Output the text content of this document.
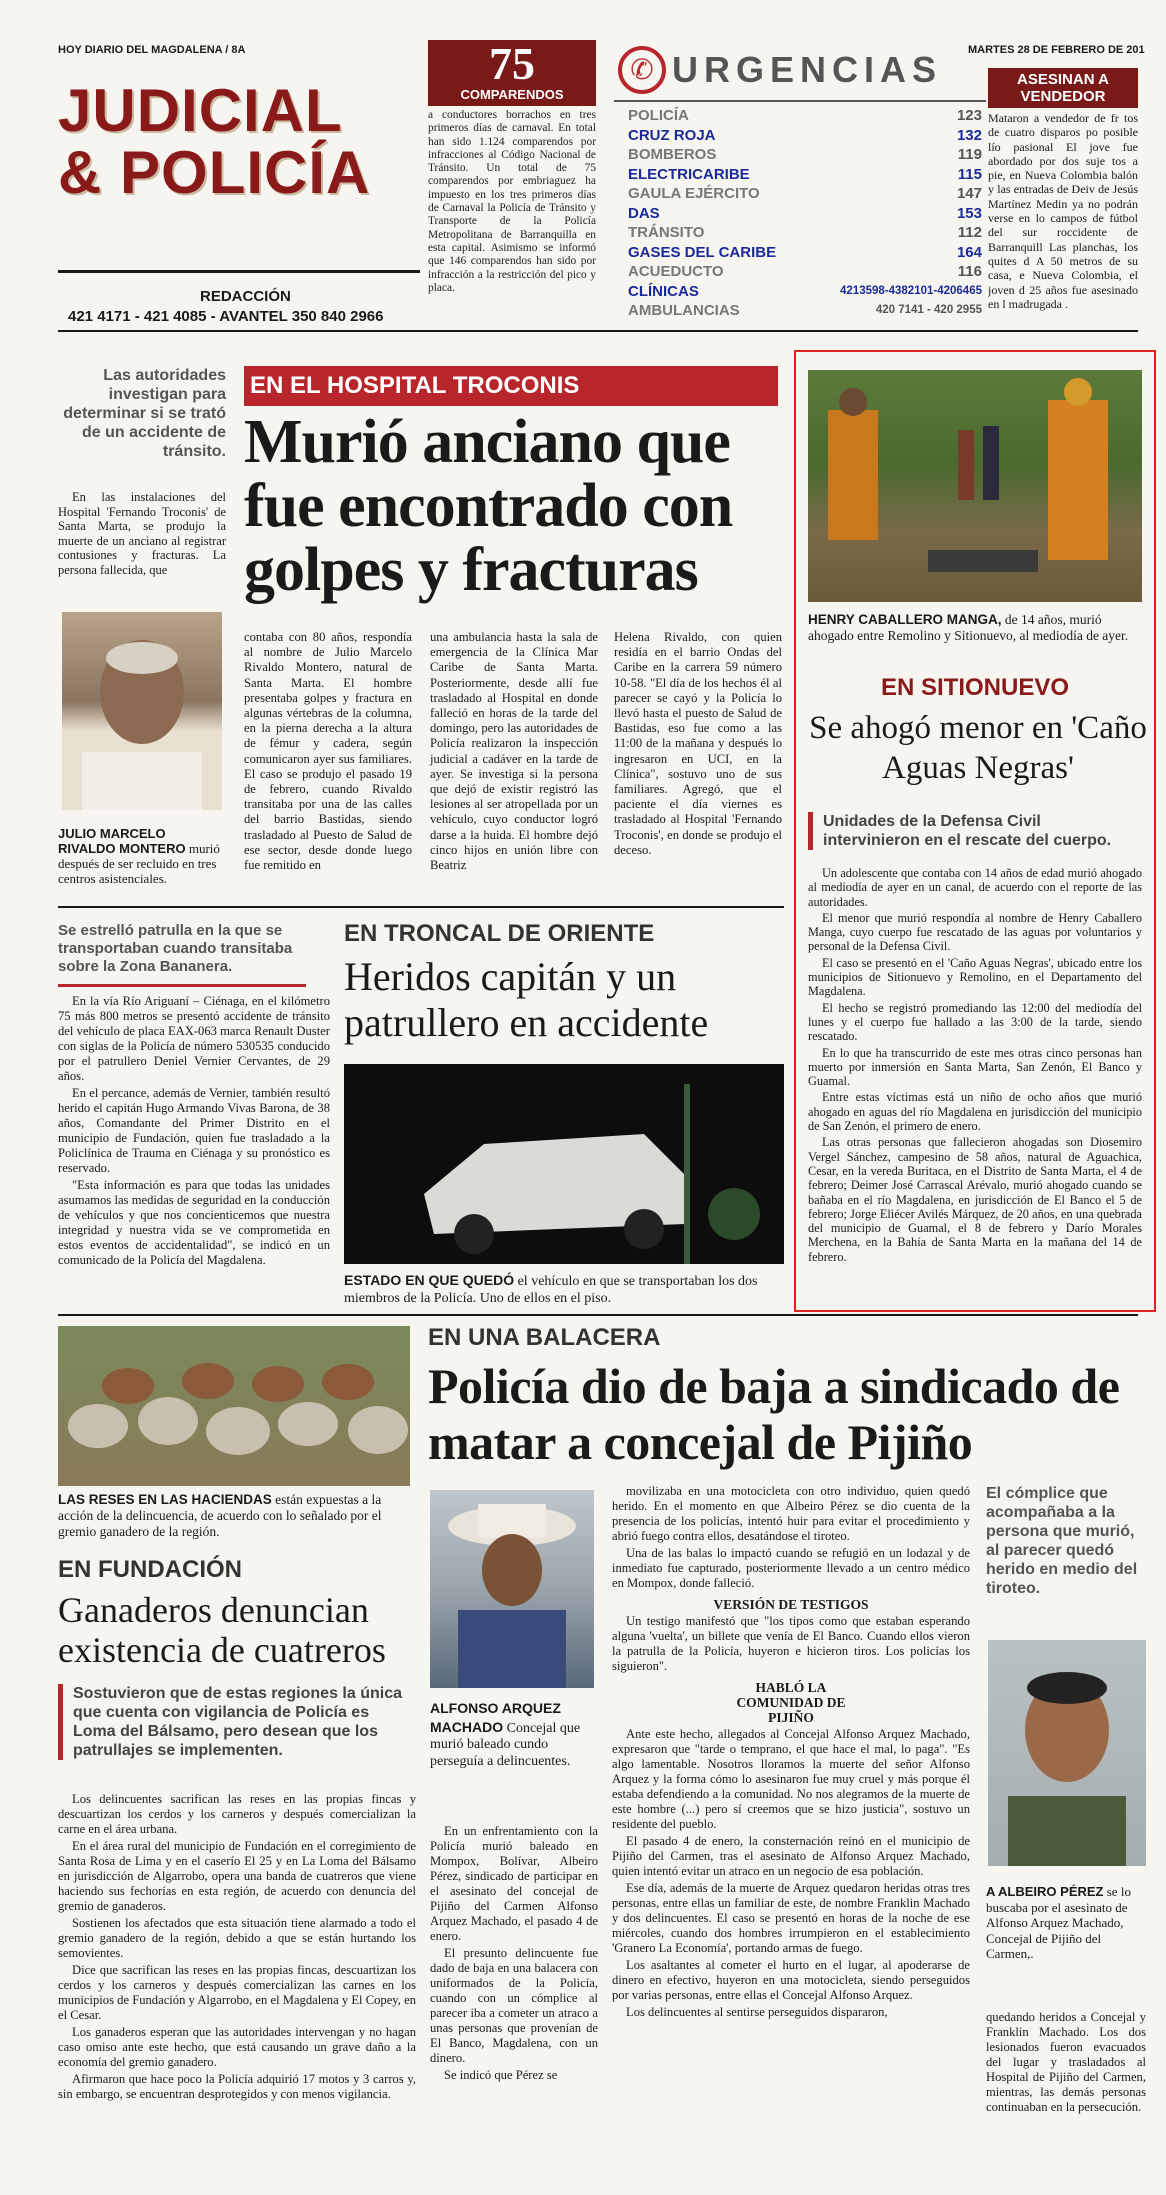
HOY DIARIO DEL MAGDALENA / 8A	MARTES 28 DE FEBRERO DE 201
JUDICIAL
& POLICÍA
REDACCIÓN
421 4171 - 421 4085 - AVANTEL 350 840 2966
75
COMPARENDOS
a conductores borrachos en tres primeros días de carnaval. En total han sido 1.124 comparendos por infracciones al Código Nacional de Tránsito. Un total de 75 comparendos por embriaguez ha impuesto en los tres primeros días de Carnaval la Policía de Tránsito y Transporte de la Policía Metropolitana de Barranquilla en esta capital. Asimismo se informó que 146 comparendos han sido por infracción a la restricción del pico y placa.
✆ URGENCIAS
POLICÍA	123
CRUZ ROJA	132
BOMBEROS	119
ELECTRICARIBE	115
GAULA EJÉRCITO	147
DAS	153
TRÁNSITO	112
GASES DEL CARIBE	164
ACUEDUCTO	116
CLÍNICAS	4213598-4382101-4206465
AMBULANCIAS	420 7141 - 420 2955
ASESINAN A VENDEDOR
Mataron a vendedor de fr tos de cuatro disparos po posible lío pasional El jove fue abordado por dos suje tos a pie, en Nueva Colombia balón y las entradas de Deiv de Jesús Martínez Medin ya no podrán verse en lo campos de fútbol del sur roccidente de Barranquill Las planchas, los quites d A 50 metros de su casa, e Nueva Colombia, el joven d 25 años fue asesinado en l madrugada .
Las autoridades investigan para determinar si se trató de un accidente de tránsito.
En las instalaciones del Hospital 'Fernando Troconis' de Santa Marta, se produjo la muerte de un anciano al registrar contusiones y fracturas. La persona fallecida, que
JULIO MARCELO RIVALDO MONTERO murió después de ser recluido en tres centros asistenciales.
EN EL HOSPITAL TROCONIS
Murió anciano que fue encontrado con golpes y fracturas
contaba con 80 años, respondía al nombre de Julio Marcelo Rivaldo Montero, natural de Santa Marta. El hombre presentaba golpes y fractura en algunas vértebras de la columna, en la pierna derecha a la altura de fémur y cadera, según comunicaron ayer sus familiares. El caso se produjo el pasado 19 de febrero, cuando Rivaldo transitaba por una de las calles del barrio Bastidas, siendo trasladado al Puesto de Salud de ese sector, desde donde luego fue remitido en
una ambulancia hasta la sala de emergencia de la Clínica Mar Caribe de Santa Marta. Posteriormente, desde allí fue trasladado al Hospital en donde falleció en horas de la tarde del domingo, pero las autoridades de Policía realizaron la inspección judicial a cadáver en la tarde de ayer. Se investiga si la persona que dejó de existir registró las lesiones al ser atropellada por un vehículo, cuyo conductor logró darse a la huida. El hombre dejó cinco hijos en unión libre con Beatriz
Helena Rivaldo, con quien residía en el barrio Ondas del Caribe en la carrera 59 número 10-58. "El día de los hechos él al parecer se cayó y la Policía lo llevó hasta el puesto de Salud de Bastidas, eso fue como a las 11:00 de la mañana y después lo ingresaron en UCI, en la Clínica", sostuvo uno de sus familiares. Agregó, que el paciente el día viernes es trasladado al Hospital 'Fernando Troconis', en donde se produjo el deceso.
HENRY CABALLERO MANGA, de 14 años, murió ahogado entre Remolino y Sitionuevo, al mediodía de ayer.
EN SITIONUEVO
Se ahogó menor en 'Caño Aguas Negras'
Unidades de la Defensa Civil intervinieron en el rescate del cuerpo.

Un adolescente que contaba con 14 años de edad murió ahogado al mediodía de ayer en un canal, de acuerdo con el reporte de las autoridades.

El menor que murió respondía al nombre de Henry Caballero Manga, cuyo cuerpo fue rescatado de las aguas por voluntarios y personal de la Defensa Civil.

El caso se presentó en el 'Caño Aguas Negras', ubicado entre los municipios de Sitionuevo y Remolino, en el Departamento del Magdalena.

El hecho se registró promediando las 12:00 del mediodía del lunes y el cuerpo fue hallado a las 3:00 de la tarde, siendo rescatado.

En lo que ha transcurrido de este mes otras cinco personas han muerto por inmersión en Santa Marta, San Zenón, El Banco y Guamal.

Entre estas víctimas está un niño de ocho años que murió ahogado en aguas del río Magdalena en jurisdicción del municipio de San Zenón, el primero de enero.

Las otras personas que fallecieron ahogadas son Diosemiro Vergel Sánchez, campesino de 58 años, natural de Aguachica, Cesar, en la vereda Buritaca, en el Distrito de Santa Marta, el 4 de febrero; Deimer José Carrascal Arévalo, murió ahogado cuando se bañaba en el río Magdalena, en jurisdicción de El Banco el 5 de febrero; Jorge Eliécer Avilés Márquez, de 20 años, en una quebrada del municipio de Guamal, el 8 de febrero y Darío Morales Merchena, en la Bahía de Santa Marta en la mañana del 14 de febrero.

Se estrelló patrulla en la que se transportaban cuando transitaba sobre la Zona Bananera.

En la vía Río Ariguaní – Ciénaga, en el kilómetro 75 más 800 metros se presentó accidente de tránsito del vehículo de placa EAX-063 marca Renault Duster con siglas de la Policía de número 530535 conducido por el patrullero Deniel Vernier Cervantes, de 29 años.

En el percance, además de Vernier, también resultó herido el capitán Hugo Armando Vivas Barona, de 38 años, Comandante del Primer Distrito en el municipio de Fundación, quien fue trasladado a la Policlínica de Trauma en Ciénaga y su pronóstico es reservado.

"Esta información es para que todas las unidades asumamos las medidas de seguridad en la conducción de vehículos y que nos concienticemos que nuestra integridad y nuestra vida se ve comprometida en estos eventos de accidentalidad", se indicó en un comunicado de la Policía del Magdalena.

EN TRONCAL DE ORIENTE
Heridos capitán y un patrullero en accidente
ESTADO EN QUE QUEDÓ el vehículo en que se transportaban los dos miembros de la Policía. Uno de ellos en el piso.
LAS RESES EN LAS HACIENDAS están expuestas a la acción de la delincuencia, de acuerdo con lo señalado por el gremio ganadero de la región.
EN FUNDACIÓN
Ganaderos denuncian existencia de cuatreros
Sostuvieron que de estas regiones la única que cuenta con vigilancia de Policía es Loma del Bálsamo, pero desean que los patrullajes se implementen.

Los delincuentes sacrifican las reses en las propias fincas y descuartizan los cerdos y los carneros y después comercializan la carne en el área urbana.

En el área rural del municipio de Fundación en el corregimiento de Santa Rosa de Lima y en el caserío El 25 y en La Loma del Bálsamo en jurisdicción de Algarrobo, opera una banda de cuatreros que viene haciendo sus fechorías en esta región, de acuerdo con denuncia del gremio de ganaderos.

Sostienen los afectados que esta situación tiene alarmado a todo el gremio ganadero de la región, debido a que se están hurtando los semovientes.

Dice que sacrifican las reses en las propias fincas, descuartizan los cerdos y los carneros y después comercializan las carnes en los municipios de Fundación y Algarrobo, en el Magdalena y El Copey, en el Cesar.

Los ganaderos esperan que las autoridades intervengan y no hagan caso omiso ante este hecho, que está causando un grave daño a la economía del gremio ganadero.

Afirmaron que hace poco la Policía adquirió 17 motos y 3 carros y, sin embargo, se encuentran desprotegidos y con menos vigilancia.

EN UNA BALACERA
Policía dio de baja a sindicado de matar a concejal de Pijiño
ALFONSO ARQUEZ MACHADO Concejal que murió baleado cundo perseguía a delincuentes.

En un enfrentamiento con la Policía murió baleado en Mompox, Bolívar, Albeiro Pérez, sindicado de participar en el asesinato del concejal de Pijiño del Carmen Alfonso Arquez Machado, el pasado 4 de enero.

El presunto delincuente fue dado de baja en una balacera con uniformados de la Policía, cuando con un cómplice al parecer iba a cometer un atraco a unas personas que provenían de El Banco, Magdalena, con un dinero.

Se indicó que Pérez se

movilizaba en una motocicleta con otro individuo, quien quedó herido. En el momento en que Albeiro Pérez se dio cuenta de la presencia de los policías, intentó huir para evitar el procedimiento y abrió fuego contra ellos, desatándose el tiroteo.

Una de las balas lo impactó cuando se refugió en un lodazal y de inmediato fue capturado, posteriormente llevado a un centro médico en Mompox, donde falleció.

VERSIÓN DE TESTIGOS

Un testigo manifestó que "los tipos como que estaban esperando alguna 'vuelta', un billete que venía de El Banco. Cuando ellos vieron la patrulla de la Policía, huyeron e hicieron tiros. Los policías los siguieron".

HABLÓ LA COMUNIDAD DE PIJIÑO

Ante este hecho, allegados al Concejal Alfonso Arquez Machado, expresaron que "tarde o temprano, el que hace el mal, lo paga". "Es algo lamentable. Nosotros lloramos la muerte del señor Alfonso Arquez y la forma cómo lo asesinaron fue muy cruel y más porque él estaba defendiendo a la comunidad. No nos alegramos de la muerte de este hombre (...) pero sí creemos que se hizo justicia", sostuvo un residente del pueblo.

El pasado 4 de enero, la consternación reinó en el municipio de Pijiño del Carmen, tras el asesinato de Alfonso Arquez Machado, quien intentó evitar un atraco en un negocio de esa población.

Ese día, además de la muerte de Arquez quedaron heridas otras tres personas, entre ellas un familiar de este, de nombre Franklin Machado y dos delincuentes. El caso se presentó en horas de la noche de ese miércoles, cuando dos hombres irrumpieron en el establecimiento 'Granero La Economía', portando armas de fuego.

Los asaltantes al cometer el hurto en el lugar, al apoderarse de dinero en efectivo, huyeron en una motocicleta, siendo perseguidos por varias personas, entre ellas el Concejal Alfonso Arquez.

Los delincuentes al sentirse perseguidos dispararon,

El cómplice que acompañaba a la persona que murió, al parecer quedó herido en medio del tiroteo.
A ALBEIRO PÉREZ se lo buscaba por el asesinato de Alfonso Arquez Machado, Concejal de Pijiño del Carmen,.
quedando heridos a Concejal y Franklin Machado. Los dos lesionados fueron evacuados del lugar y trasladados al Hospital de Pijiño del Carmen, mientras, las demás personas continuaban en la persecución.
